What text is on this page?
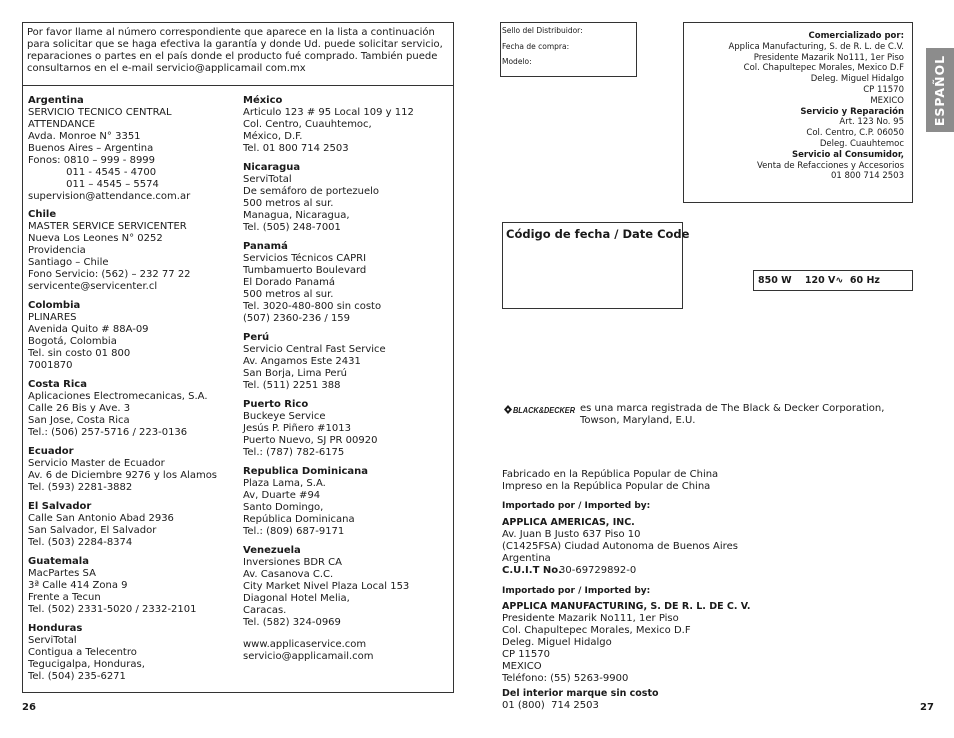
Por favor llame al número correspondiente que aparece en la lista a continuación para solicitar que se haga efectiva la garantía y donde Ud. puede solicitar servicio, reparaciones o partes en el país donde el producto fué comprado. También puede consultarnos en el e-mail servicio@applicamail com.mx
Argentina
SERVICIO TECNICO CENTRAL
ATTENDANCE
Avda. Monroe N° 3351
Buenos Aires – Argentina
Fonos: 0810 – 999 - 8999
011 - 4545 - 4700
011 – 4545 – 5574
supervision@attendance.com.ar
Chile
MASTER SERVICE SERVICENTER
Nueva Los Leones N° 0252
Providencia
Santiago – Chile
Fono Servicio: (562) – 232 77 22
servicente@servicenter.cl
Colombia
PLINARES
Avenida Quito # 88A-09
Bogotá, Colombia
Tel. sin costo 01 800
7001870
Costa Rica
Aplicaciones Electromecanicas, S.A.
Calle 26 Bis y Ave. 3
San Jose, Costa Rica
Tel.: (506) 257-5716 / 223-0136
Ecuador
Servicio Master de Ecuador
Av. 6 de Diciembre 9276 y los Alamos
Tel. (593) 2281-3882
El Salvador
Calle San Antonio Abad 2936
San Salvador, El Salvador
Tel. (503) 2284-8374
Guatemala
MacPartes SA
3ª Calle 414 Zona 9
Frente a Tecun
Tel. (502) 2331-5020 / 2332-2101
Honduras
ServiTotal
Contigua a Telecentro
Tegucigalpa, Honduras,
Tel. (504) 235-6271
México
Articulo 123 # 95 Local 109 y 112
Col. Centro, Cuauhtemoc,
México, D.F.
Tel. 01 800 714 2503
Nicaragua
ServiTotal
De semáforo de portezuelo
500 metros al sur.
Managua, Nicaragua,
Tel. (505) 248-7001
Panamá
Servicios Técnicos CAPRI
Tumbamuerto Boulevard
El Dorado Panamá
500 metros al sur.
Tel. 3020-480-800 sin costo
(507) 2360-236 / 159
Perú
Servicio Central Fast Service
Av. Angamos Este 2431
San Borja, Lima Perú
Tel. (511) 2251 388
Puerto Rico
Buckeye Service
Jesús P. Piñero #1013
Puerto Nuevo, SJ PR 00920
Tel.: (787) 782-6175
Republica Dominicana
Plaza Lama, S.A.
Av, Duarte #94
Santo Domingo,
República Dominicana
Tel.: (809) 687-9171
Venezuela
Inversiones BDR CA
Av. Casanova C.C.
City Market Nivel Plaza Local 153
Diagonal Hotel Melia,
Caracas.
Tel. (582) 324-0969
www.applicaservice.com
servicio@applicamail.com
26
Sello del Distribuidor:
Fecha de compra:
Modelo:
Comercializado por:
Applica Manufacturing, S. de R. L. de C.V.
Presidente Mazarik No111, 1er Piso
Col. Chapultepec Morales, Mexico D.F
Deleg. Miguel Hidalgo
CP 11570
MEXICO
Servicio y Reparación
Art. 123 No. 95
Col. Centro, C.P. 06050
Deleg. Cuauhtemoc
Servicio al Consumidor,
Venta de Refacciones y Accesorios
01 800 714 2503
ESPAÑOL
Código de fecha / Date Code
850 W    120 V∿  60 Hz
BLACK&DECKER es una marca registrada de The Black & Decker Corporation,
Towson, Maryland, E.U.
Fabricado en la República Popular de China
Impreso en la República Popular de China
Importado por / Imported by:
APPLICA AMERICAS, INC.
Av. Juan B Justo 637 Piso 10
(C1425FSA) Ciudad Autonoma de Buenos Aires
Argentina
C.U.I.T No.
30-69729892-0
Importado por / Imported by:
APPLICA MANUFACTURING, S. DE R. L. DE C. V.
Presidente Mazarik No111, 1er Piso
Col. Chapultepec Morales, Mexico D.F
Deleg. Miguel Hidalgo
CP 11570
MEXICO
Teléfono: (55) 5263-9900
Del interior marque sin costo
01 (800)  714 2503	27
